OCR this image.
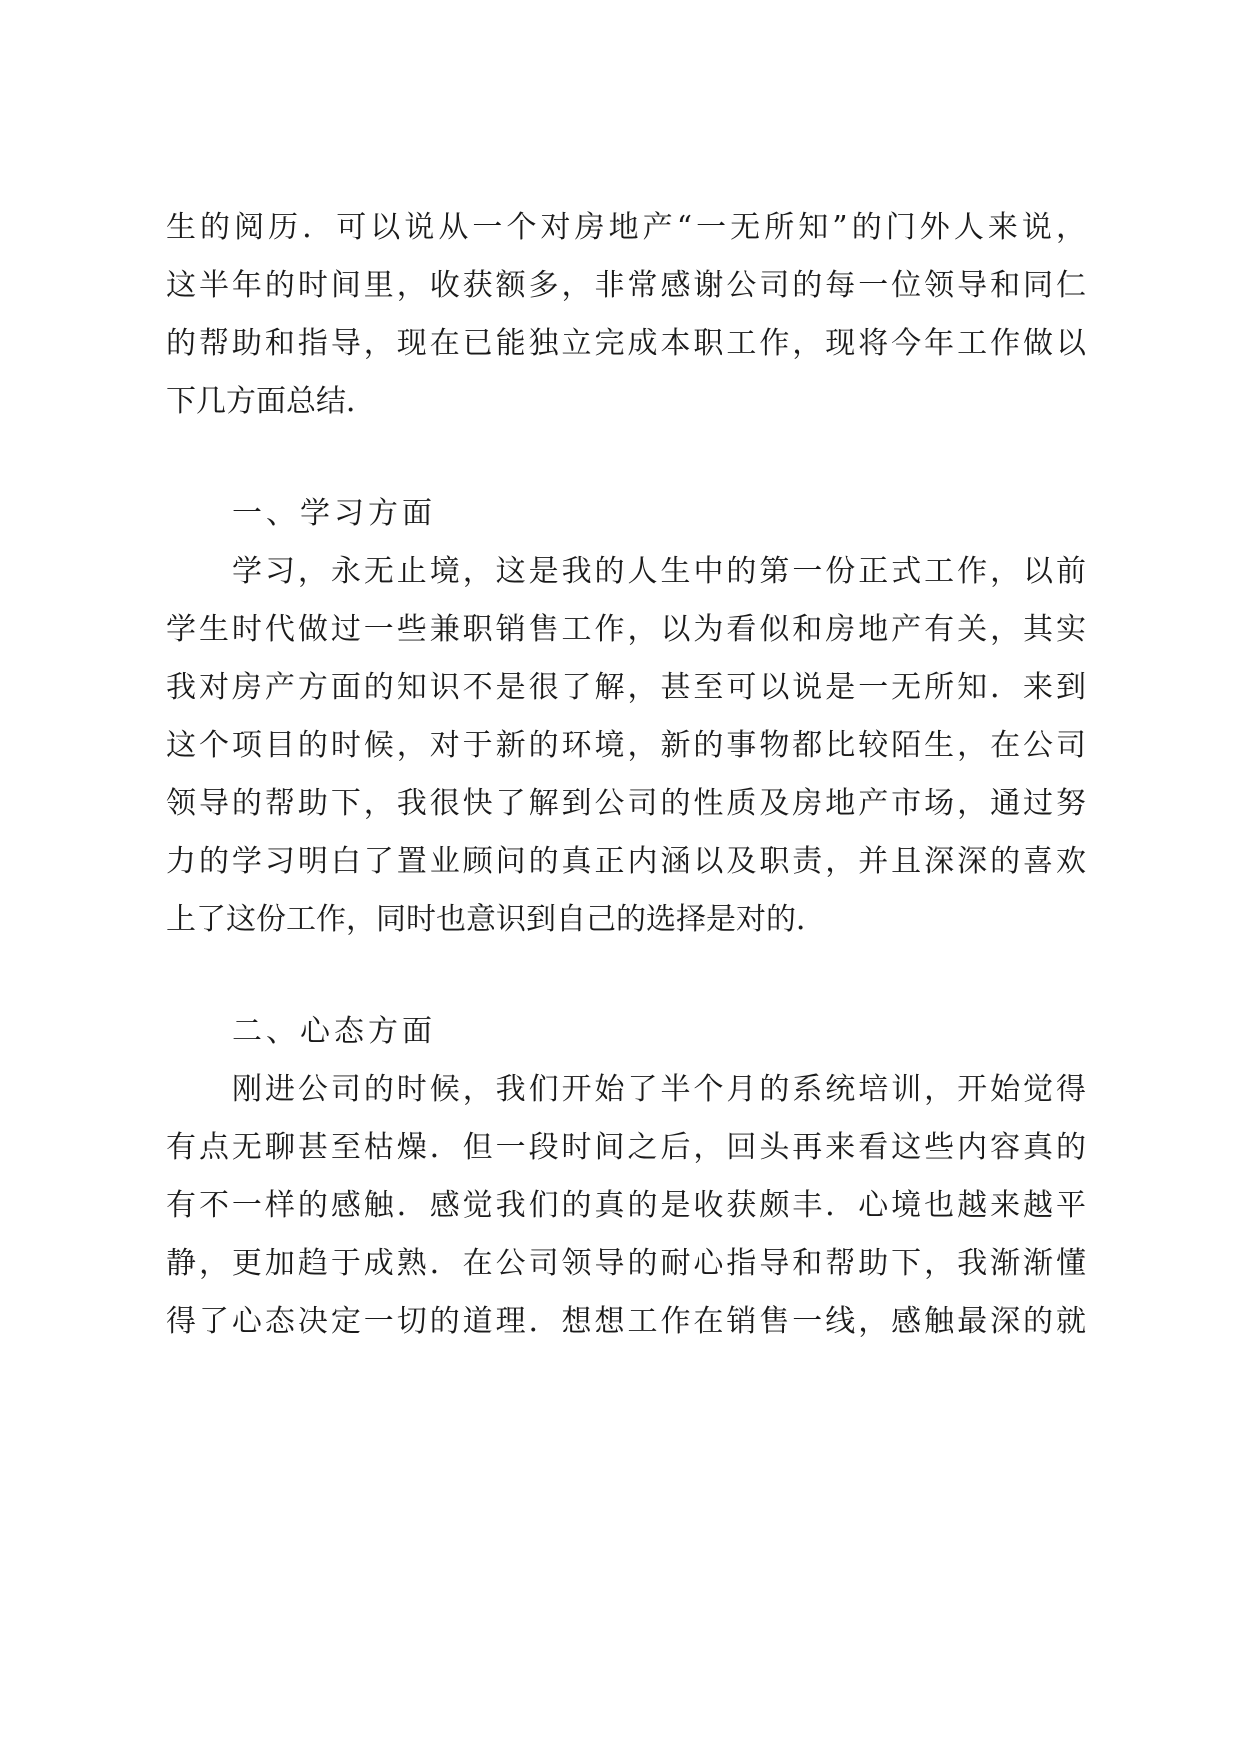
生的阅历．可以说从一个对房地产“一无所知”的门外人来说，
这半年的时间里，收获额多，非常感谢公司的每一位领导和同仁
的帮助和指导，现在已能独立完成本职工作，现将今年工作做以
下几方面总结．
一、学习方面
学习，永无止境，这是我的人生中的第一份正式工作，以前
学生时代做过一些兼职销售工作，以为看似和房地产有关，其实
我对房产方面的知识不是很了解，甚至可以说是一无所知．来到
这个项目的时候，对于新的环境，新的事物都比较陌生，在公司
领导的帮助下，我很快了解到公司的性质及房地产市场，通过努
力的学习明白了置业顾问的真正内涵以及职责，并且深深的喜欢
上了这份工作，同时也意识到自己的选择是对的．
二、心态方面
刚进公司的时候，我们开始了半个月的系统培训，开始觉得
有点无聊甚至枯燥．但一段时间之后，回头再来看这些内容真的
有不一样的感触．感觉我们的真的是收获颇丰．心境也越来越平
静，更加趋于成熟．在公司领导的耐心指导和帮助下，我渐渐懂
得了心态决定一切的道理．想想工作在销售一线，感触最深的就
